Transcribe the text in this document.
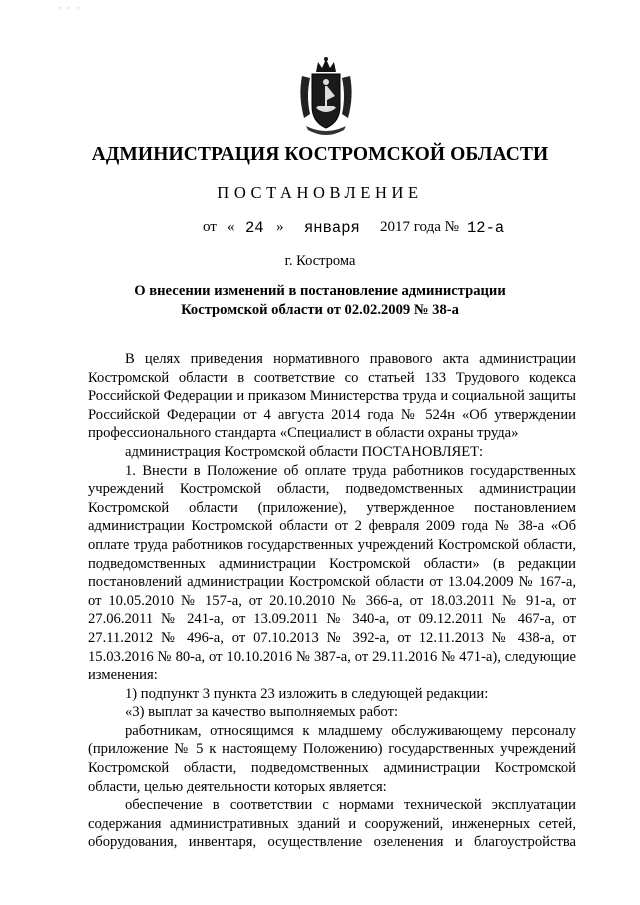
· · ·
АДМИНИСТРАЦИЯ КОСТРОМСКОЙ ОБЛАСТИ
ПОСТАНОВЛЕНИЕ
от « 24 » января 2017 года № 12-а
г. Кострома
О внесении изменений в постановление администрации
Костромской области от 02.02.2009 № 38-а

В целях приведения нормативного правового акта администрации Костромской области в соответствие со статьей 133 Трудового кодекса Российской Федерации и приказом Министерства труда и социальной защиты Российской Федерации от 4 августа 2014 года № 524н «Об утверждении профессионального стандарта «Специалист в области охраны труда»

администрация Костромской области ПОСТАНОВЛЯЕТ:

1. Внести в Положение об оплате труда работников государственных учреждений Костромской области, подведомственных администрации Костромской области (приложение), утвержденное постановлением администрации Костромской области от 2 февраля 2009 года № 38-а «Об оплате труда работников государственных учреждений Костромской области, подведомственных администрации Костромской области» (в редакции постановлений администрации Костромской области от 13.04.2009 № 167-а, от 10.05.2010 № 157-а, от 20.10.2010 № 366-а, от 18.03.2011 № 91-а, от 27.06.2011 № 241-а, от 13.09.2011 № 340-а, от 09.12.2011 № 467-а, от 27.11.2012 № 496-а, от 07.10.2013 № 392-а, от 12.11.2013 № 438-а, от 15.03.2016 № 80-а, от 10.10.2016 № 387-а, от 29.11.2016 № 471-а), следующие изменения:

1) подпункт 3 пункта 23 изложить в следующей редакции:

«3) выплат за качество выполняемых работ:

работникам, относящимся к младшему обслуживающему персоналу (приложение № 5 к настоящему Положению) государственных учреждений Костромской области, подведомственных администрации Костромской области, целью деятельности которых является:

обеспечение в соответствии с нормами технической эксплуатации содержания административных зданий и сооружений, инженерных сетей, оборудования, инвентаря, осуществление озеленения и благоустройства
